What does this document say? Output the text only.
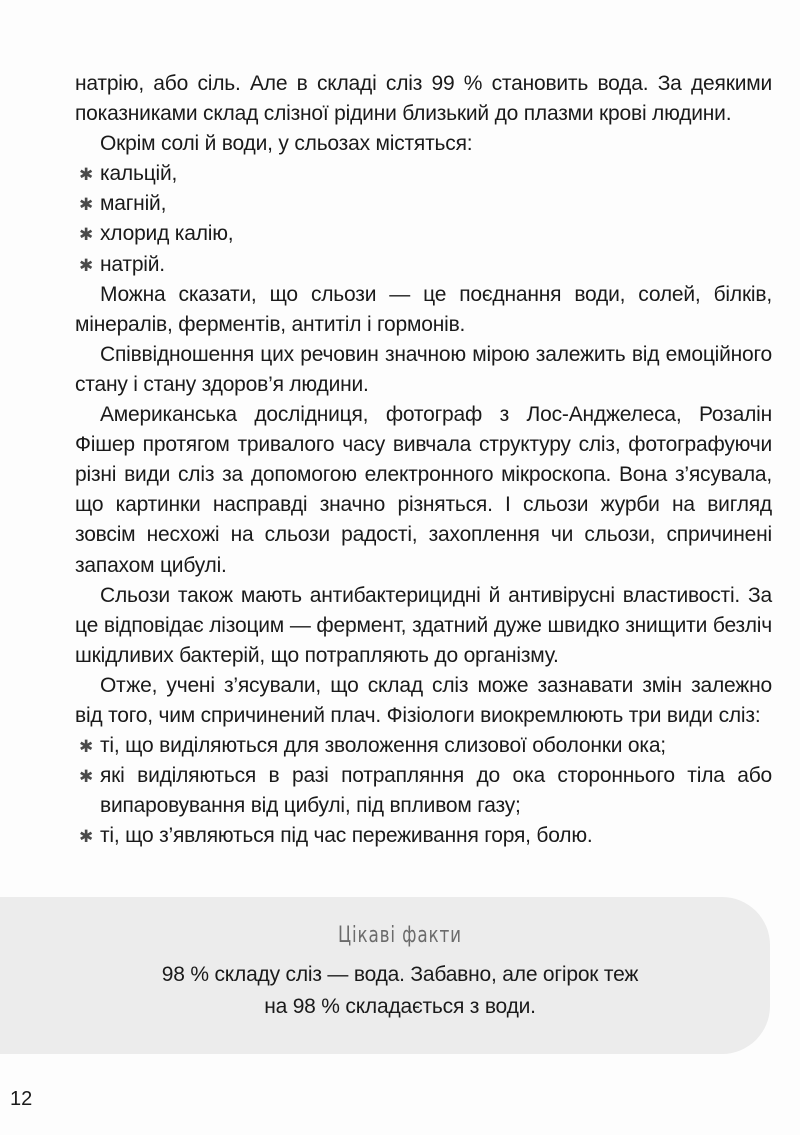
натрію, або сіль. Але в складі сліз 99 % становить вода. За деякими показниками склад слізної рідини близький до плазми крові людини.

Окрім солі й води, у сльозах містяться:

✱ кальцій,
✱ магній,
✱ хлорид калію,
✱ натрій.

Можна сказати, що сльози — це поєднання води, солей, білків, мінералів, ферментів, антитіл і гормонів.

Співвідношення цих речовин значною мірою залежить від емоційного стану і стану здоров’я людини.

Американська дослідниця, фотограф з Лос-Анджелеса, Розалін Фішер протягом тривалого часу вивчала структуру сліз, фотографуючи різні види сліз за допомогою електронного мікроскопа. Вона з’ясувала, що картинки насправді значно різняться. І сльози журби на вигляд зовсім несхожі на сльози радості, захоплення чи сльози, спричинені запахом цибулі.

Сльози також мають антибактерицидні й антивірусні властивості. За це відповідає лізоцим — фермент, здатний дуже швидко знищити безліч шкідливих бактерій, що потрапляють до організму.

Отже, учені з’ясували, що склад сліз може зазнавати змін залежно від того, чим спричинений плач. Фізіологи виокремлюють три види сліз:

✱ ті, що виділяються для зволоження слизової оболонки ока;
✱ які виділяються в разі потрапляння до ока стороннього тіла або випаровування від цибулі, під впливом газу;
✱ ті, що з’являються під час переживання горя, болю.
Цікаві факти
98 % складу сліз — вода. Забавно, але огірок теж
на 98 % складається з води.
12
